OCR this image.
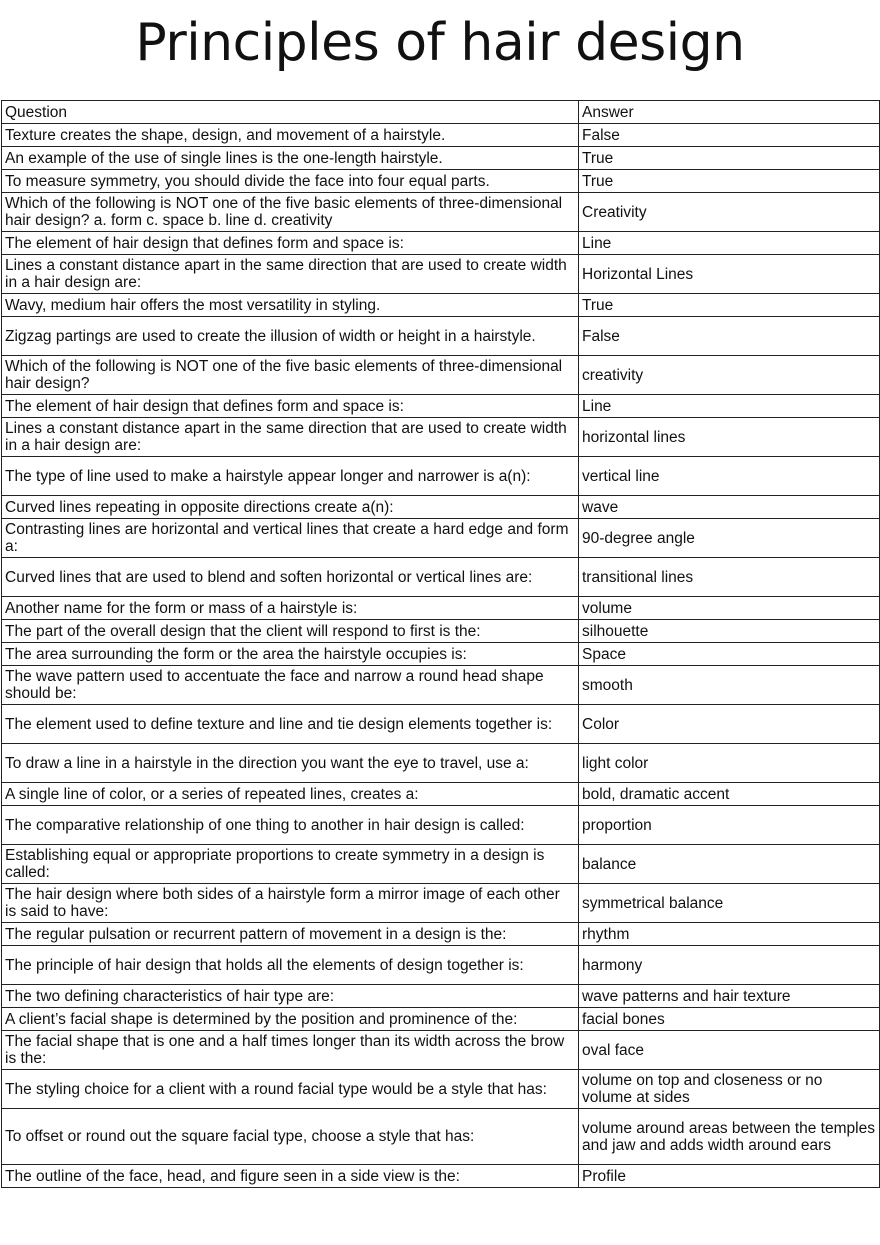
Principles of hair design
Question	Answer
Texture creates the shape, design, and movement of a hairstyle.	False
An example of the use of single lines is the one-length hairstyle.	True
To measure symmetry, you should divide the face into four equal parts.	True
Which of the following is NOT one of the five basic elements of three-dimensional hair design? a. form c. space b. line d. creativity	Creativity
The element of hair design that defines form and space is:	Line
Lines a constant distance apart in the same direction that are used to create width in a hair design are:	Horizontal Lines
Wavy, medium hair offers the most versatility in styling.	True
Zigzag partings are used to create the illusion of width or height in a hairstyle.	False
Which of the following is NOT one of the five basic elements of three-dimensional hair design?	creativity
The element of hair design that defines form and space is:	Line
Lines a constant distance apart in the same direction that are used to create width in a hair design are:	horizontal lines
The type of line used to make a hairstyle appear longer and narrower is a(n):	vertical line
Curved lines repeating in opposite directions create a(n):	wave
Contrasting lines are horizontal and vertical lines that create a hard edge and form a:	90-degree angle
Curved lines that are used to blend and soften horizontal or vertical lines are:	transitional lines
Another name for the form or mass of a hairstyle is:	volume
The part of the overall design that the client will respond to first is the:	silhouette
The area surrounding the form or the area the hairstyle occupies is:	Space
The wave pattern used to accentuate the face and narrow a round head shape should be:	smooth
The element used to define texture and line and tie design elements together is:	Color
To draw a line in a hairstyle in the direction you want the eye to travel, use a:	light color
A single line of color, or a series of repeated lines, creates a:	bold, dramatic accent
The comparative relationship of one thing to another in hair design is called:	proportion
Establishing equal or appropriate proportions to create symmetry in a design is called:	balance
The hair design where both sides of a hairstyle form a mirror image of each other is said to have:	symmetrical balance
The regular pulsation or recurrent pattern of movement in a design is the:	rhythm
The principle of hair design that holds all the elements of design together is:	harmony
The two defining characteristics of hair type are:	wave patterns and hair texture
A client’s facial shape is determined by the position and prominence of the:	facial bones
The facial shape that is one and a half times longer than its width across the brow is the:	oval face
The styling choice for a client with a round facial type would be a style that has:	volume on top and closeness or no volume at sides
To offset or round out the square facial type, choose a style that has:	volume around areas between the temples and jaw and adds width around ears
The outline of the face, head, and figure seen in a side view is the:	Profile
